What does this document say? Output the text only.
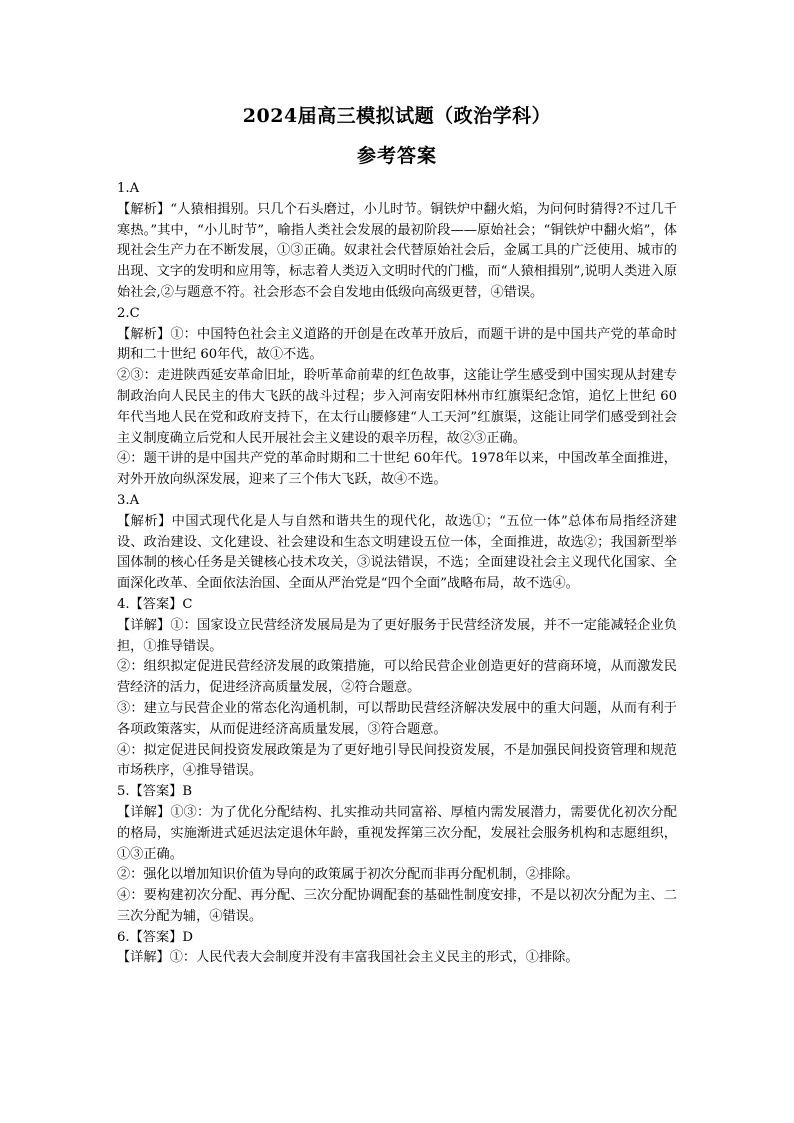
2024届高三模拟试题（政治学科）
参考答案

1.A

【解析】“人猿相揖别。只几个石头磨过，小儿时节。铜铁炉中翻火焰，为问何时猜得?不过几千寒热。”其中，“小儿时节”，喻指人类社会发展的最初阶段——原始社会；“铜铁炉中翻火焰”，体现社会生产力在不断发展，①③正确。奴隶社会代替原始社会后，金属工具的广泛使用、城市的出现、文字的发明和应用等，标志着人类迈入文明时代的门槛，而“人猿相揖别”,说明人类进入原始社会,②与题意不符。社会形态不会自发地由低级向高级更替，④错误。

2.C

【解析】①：中国特色社会主义道路的开创是在改革开放后，而题干讲的是中国共产党的革命时期和二十世纪 60年代，故①不选。

②③：走进陕西延安革命旧址，聆听革命前辈的红色故事，这能让学生感受到中国实现从封建专制政治向人民民主的伟大飞跃的战斗过程；步入河南安阳林州市红旗渠纪念馆，追忆上世纪 60年代当地人民在党和政府支持下，在太行山腰修建“人工天河”红旗渠，这能让同学们感受到社会主义制度确立后党和人民开展社会主义建设的艰辛历程，故②③正确。

④：题干讲的是中国共产党的革命时期和二十世纪 60年代。1978年以来，中国改革全面推进，对外开放向纵深发展，迎来了三个伟大飞跃，故④不选。

3.A

【解析】中国式现代化是人与自然和谐共生的现代化，故选①；“五位一体”总体布局指经济建设、政治建设、文化建设、社会建设和生态文明建设五位一体，全面推进，故选②；我国新型举国体制的核心任务是关键核心技术攻关，③说法错误，不选；全面建设社会主义现代化国家、全面深化改革、全面依法治国、全面从严治党是“四个全面”战略布局，故不选④。

4.【答案】C

【详解】①：国家设立民营经济发展局是为了更好服务于民营经济发展，并不一定能减轻企业负担，①推导错误。

②：组织拟定促进民营经济发展的政策措施，可以给民营企业创造更好的营商环境，从而激发民营经济的活力，促进经济高质量发展，②符合题意。

③：建立与民营企业的常态化沟通机制，可以帮助民营经济解决发展中的重大问题，从而有利于各项政策落实，从而促进经济高质量发展，③符合题意。

④：拟定促进民间投资发展政策是为了更好地引导民间投资发展，不是加强民间投资管理和规范市场秩序，④推导错误。

5.【答案】B

【详解】①③：为了优化分配结构、扎实推动共同富裕、厚植内需发展潜力，需要优化初次分配的格局，实施渐进式延迟法定退休年龄，重视发挥第三次分配，发展社会服务机构和志愿组织，①③正确。

②：强化以增加知识价值为导向的政策属于初次分配而非再分配机制，②排除。

④：要构建初次分配、再分配、三次分配协调配套的基础性制度安排，不是以初次分配为主、二三次分配为辅，④错误。

6.【答案】D

【详解】①：人民代表大会制度并没有丰富我国社会主义民主的形式，①排除。
